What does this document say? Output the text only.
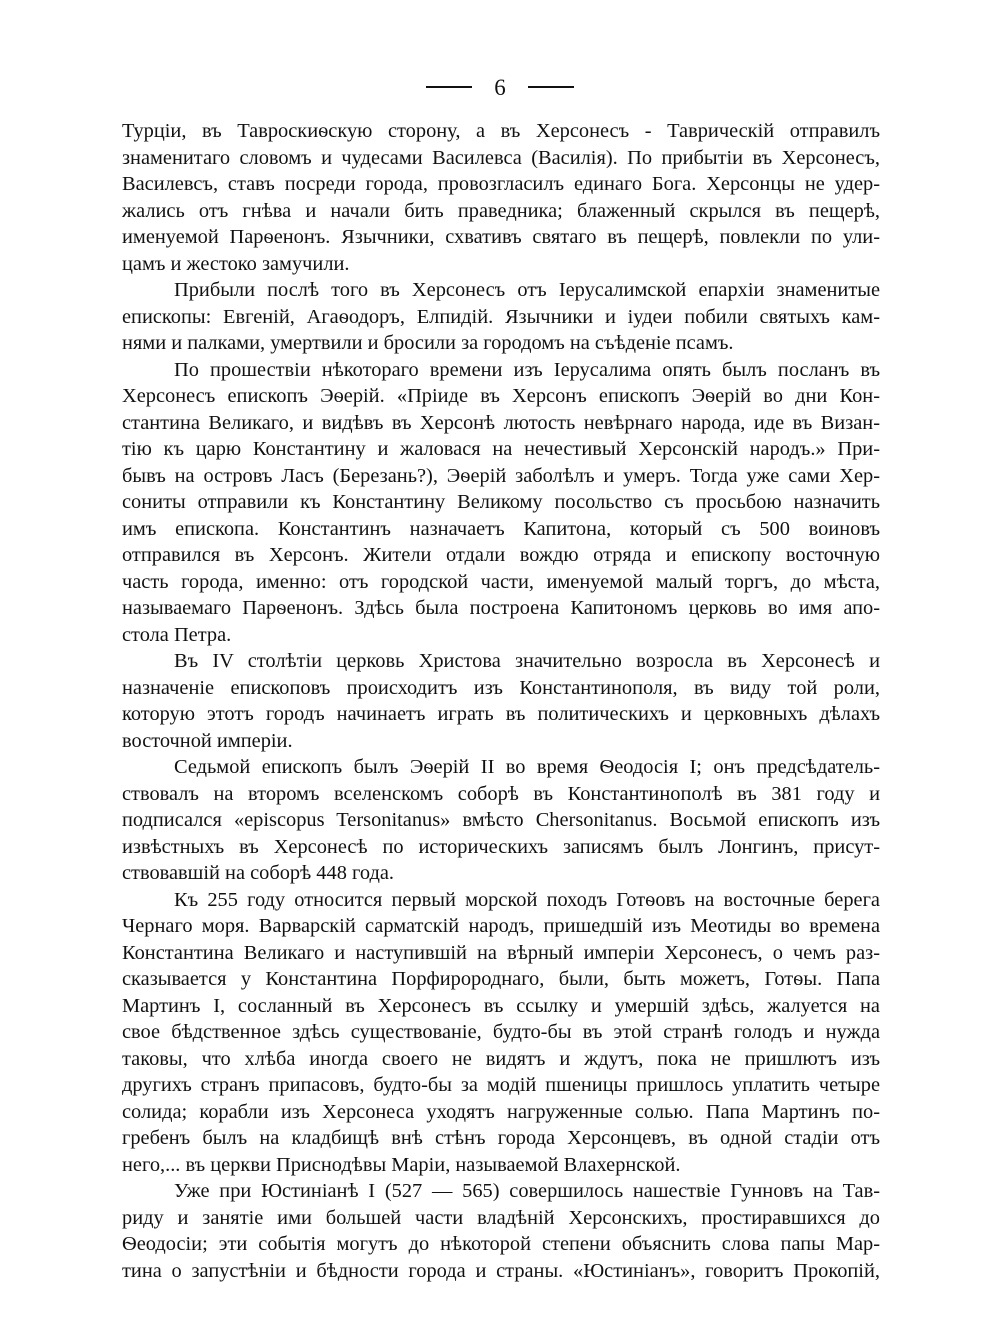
6

Турціи, въ Таврoскиѳскую сторону, а въ Херсонесъ - Таврическій отправилъ

знаменитаго словомъ и чудесами Василевса (Василія). По прибытіи въ Херсонесъ,

Василевсъ, ставъ посреди города, провозгласилъ единаго Бога. Херсонцы не удер-

жались отъ гнѣва и начали бить праведника; блаженный скрылся въ пещерѣ,

именуемой Парѳенонъ. Язычники, схвативъ святаго въ пещерѣ, повлекли по ули-

цамъ и жестоко замучили.

Прибыли послѣ того въ Херсонесъ отъ Іерусалимской епархіи знаменитые

епископы: Евгеній, Агаѳодоръ, Елпидій. Язычники и іудеи побили святыхъ кам-

нями и палками, умертвили и бросили за городомъ на съѣденіе псамъ.

По прошествіи нѣкотораго времени изъ Іерусалима опять былъ посланъ въ

Херсонесъ епископъ Эѳерій. «Пріиде въ Херсонъ епископъ Эѳерій во дни Кон-

стантина Великаго, и видѣвъ въ Херсонѣ лютость невѣрнаго народа, иде въ Визан-

тію къ царю Константину и жаловася на нечестивый Херсонскій народъ.» При-

бывъ на островъ Ласъ (Березань?), Эѳерій заболѣлъ и умеръ. Тогда уже сами Хер-

сониты отправили къ Константину Великому посольство съ просьбою назначить

имъ епископа. Константинъ назначаетъ Капитона, который съ 500 воиновъ

отправился въ Херсонъ. Жители отдали вождю отряда и епископу восточную

часть города, именно: отъ городской части, именуемой малый торгъ, до мѣста,

называемаго Парѳенонъ. Здѣсь была построена Капитономъ церковь во имя апо-

стола Петра.

Въ IV столѣтіи церковь Христова значительно возросла въ Херсонесѣ и

назначеніе епископовъ происходитъ изъ Константинополя, въ виду той роли,

которую этотъ городъ начинаетъ играть въ политическихъ и церковныхъ дѣлахъ

восточной имперіи.

Седьмой епископъ былъ Эѳерій II во время Ѳеодосія I; онъ предсѣдатель-

ствовалъ на второмъ вселенскомъ соборѣ въ Константинополѣ въ 381 году и

подписался «episcopus Tersonitanus» вмѣсто Chersonitanus. Восьмой епископъ изъ

извѣстныхъ въ Херсонесѣ по историческихъ записямъ былъ Лонгинъ, присут-

ствовавшій на соборѣ 448 года.

Къ 255 году относится первый морской походъ Готѳовъ на восточные берега

Чернаго моря. Варварскій сарматскій народъ, пришедшій изъ Меотиды во времена

Константина Великаго и наступившій на вѣрный имперіи Херсонесъ, о чемъ раз-

сказывается у Константина Порфиророднаго, были, быть можетъ, Готѳы. Папа

Мартинъ I, сосланный въ Херсонесъ въ ссылку и умершій здѣсь, жалуется на

свое бѣдственное здѣсь существованіе, будто-бы въ этой странѣ голодъ и нужда

таковы, что хлѣба иногда своего не видятъ и ждутъ, пока не пришлютъ изъ

другихъ странъ припасовъ, будто-бы за модій пшеницы пришлось уплатить четыре

солида; корабли изъ Херсонеса уходятъ нагруженные солью. Папа Мартинъ по-

гребенъ былъ на кладбищѣ внѣ стѣнъ города Херсонцевъ, въ одной стадіи отъ

него,... въ церкви Приснодѣвы Маріи, называемой Влахернской.

Уже при Юстиніанѣ I (527 — 565) совершилось нашествіе Гунновъ на Тав-

риду и занятіе ими большей части владѣній Херсонскихъ, простиравшихся до

Ѳеодосіи; эти событія могутъ до нѣкоторой степени объяснить слова папы Мар-

тина о запустѣніи и бѣдности города и страны. «Юстиніанъ», говоритъ Прокопій,
